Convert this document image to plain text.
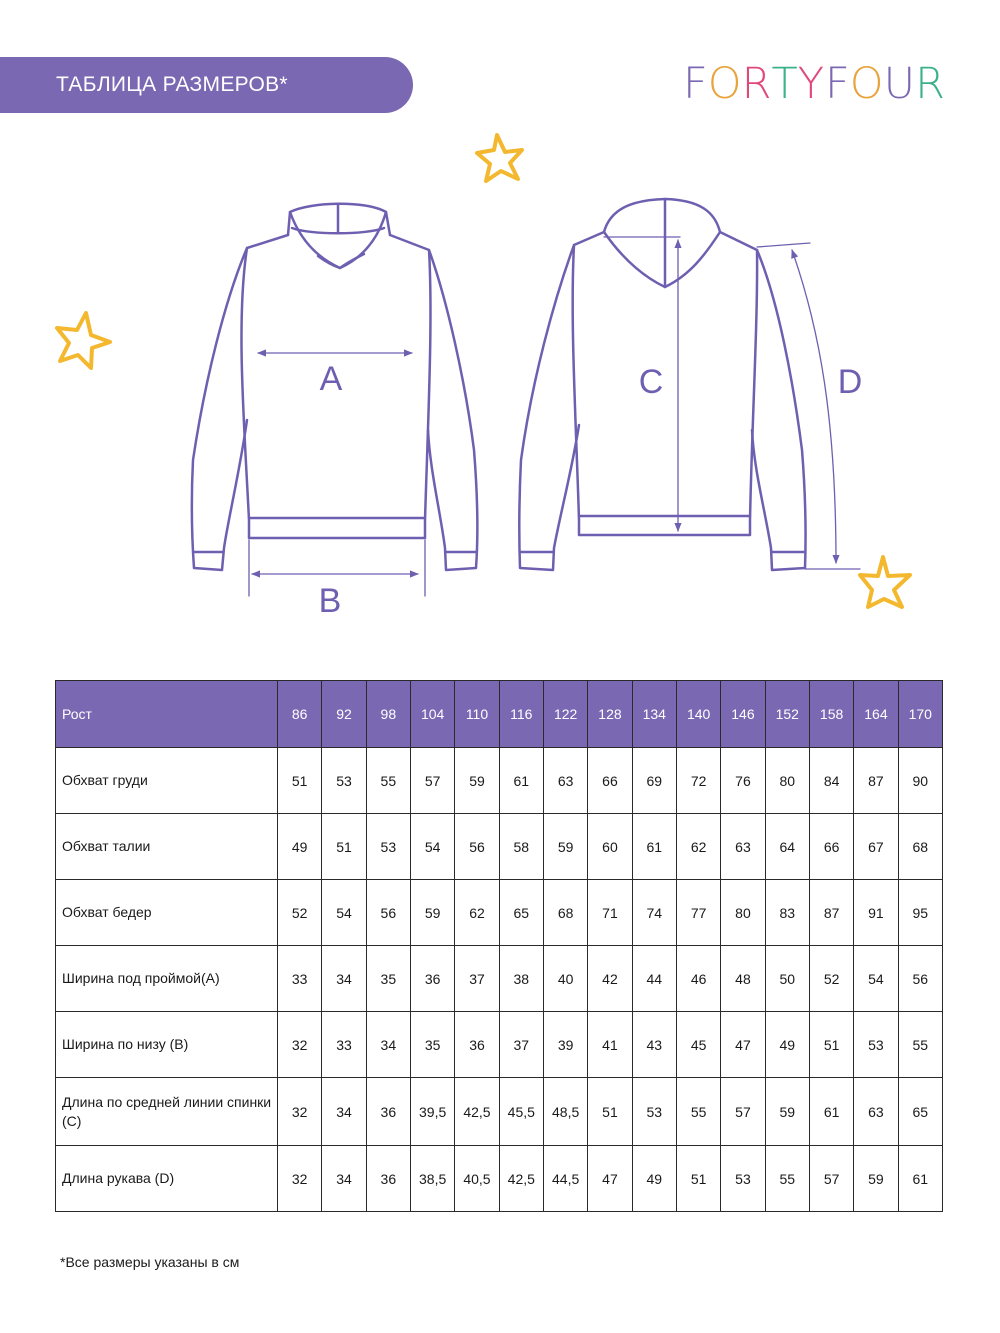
ТАБЛИЦА РАЗМЕРОВ*	F O R T Y F O U R
A
B
C	D
Рост	86	92	98	104	110	116	122	128	134	140	146	152	158	164	170
Обхват груди	51	53	55	57	59	61	63	66	69	72	76	80	84	87	90
Обхват талии	49	51	53	54	56	58	59	60	61	62	63	64	66	67	68
Обхват бедер	52	54	56	59	62	65	68	71	74	77	80	83	87	91	95
Ширина под проймой(А)	33	34	35	36	37	38	40	42	44	46	48	50	52	54	56
Ширина по низу (В)	32	33	34	35	36	37	39	41	43	45	47	49	51	53	55
Длина по средней линии спинки (С)	32	34	36	39,5	42,5	45,5	48,5	51	53	55	57	59	61	63	65
Длина рукава (D)	32	34	36	38,5	40,5	42,5	44,5	47	49	51	53	55	57	59	61
*Все размеры указаны в см
